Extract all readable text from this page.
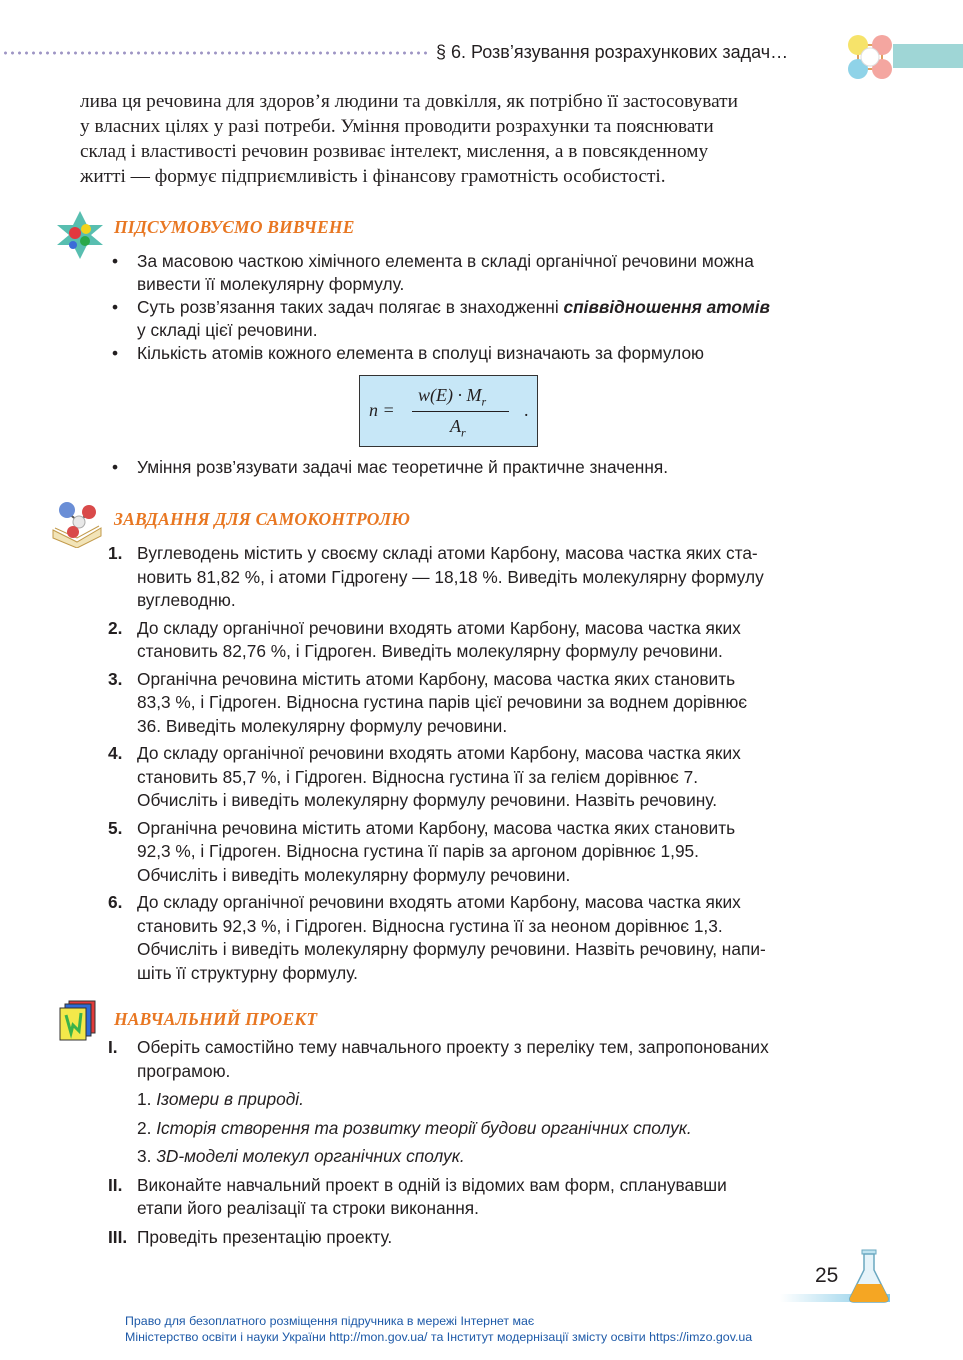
§ 6. Розв’язування розрахункових задач…

лива ця речовина для здоров’я людини та довкілля, як потрібно її застосовувати

у власних цілях у разі потреби. Уміння проводити розрахунки та пояснювати

склад і властивості речовин розвиває інтелект, мислення, а в повсякденному

житті — формує підприємливість і фінансову грамотність особистості.

ПІДСУМОВУЄМО ВИВЧЕНЕ
• За масовою часткою хімічного елемента в складі органічної речовини можна
вивести її молекулярну формулу.
• Суть розв’язання таких задач полягає в знаходженні співвідношення атомів
у складі цієї речовини.
• Кількість атомів кожного елемента в сполуці визначають за формулою
n =
$w(E) \cdot M_r$
$A_r$
.
• Уміння розв’язувати задачі має теоретичне й практичне значення.
ЗАВДАННЯ ДЛЯ САМОКОНТРОЛЮ
1. Вуглеводень містить у своєму складі атоми Карбону, масова частка яких ста-
новить 81,82 %, і атоми Гідрогену — 18,18 %. Виведіть молекулярну формулу
вуглеводню.
2. До складу органічної речовини входять атоми Карбону, масова частка яких
становить 82,76 %, і Гідроген. Виведіть молекулярну формулу речовини.
3. Органічна речовина містить атоми Карбону, масова частка яких становить
83,3 %, і Гідроген. Відносна густина парів цієї речовини за воднем дорівнює
36. Виведіть молекулярну формулу речовини.
4. До складу органічної речовини входять атоми Карбону, масова частка яких
становить 85,7 %, і Гідроген. Відносна густина її за гелієм дорівнює 7.
Обчисліть і виведіть молекулярну формулу речовини. Назвіть речовину.
5. Органічна речовина містить атоми Карбону, масова частка яких становить
92,3 %, і Гідроген. Відносна густина її парів за аргоном дорівнює 1,95.
Обчисліть і виведіть молекулярну формулу речовини.
6. До складу органічної речовини входять атоми Карбону, масова частка яких
становить 92,3 %, і Гідроген. Відносна густина її за неоном дорівнює 1,3.
Обчисліть і виведіть молекулярну формулу речовини. Назвіть речовину, напи-
шіть її структурну формулу.
НАВЧАЛЬНИЙ ПРОЕКТ
I. Оберіть самостійно тему навчального проекту з переліку тем, запропонованих
програмою.
1. Ізомери в природі.
2. Історія створення та розвитку теорії будови органічних сполук.
3. 3D-моделі молекул органічних сполук.
II. Виконайте навчальний проект в одній із відомих вам форм, спланувавши
етапи його реалізації та строки виконання.
III. Проведіть презентацію проекту.
25
Право для безоплатного розміщення підручника в мережі Інтернет має
Міністерство освіти і науки України http://mon.gov.ua/ та Інститут модернізації змісту освіти https://imzo.gov.ua
